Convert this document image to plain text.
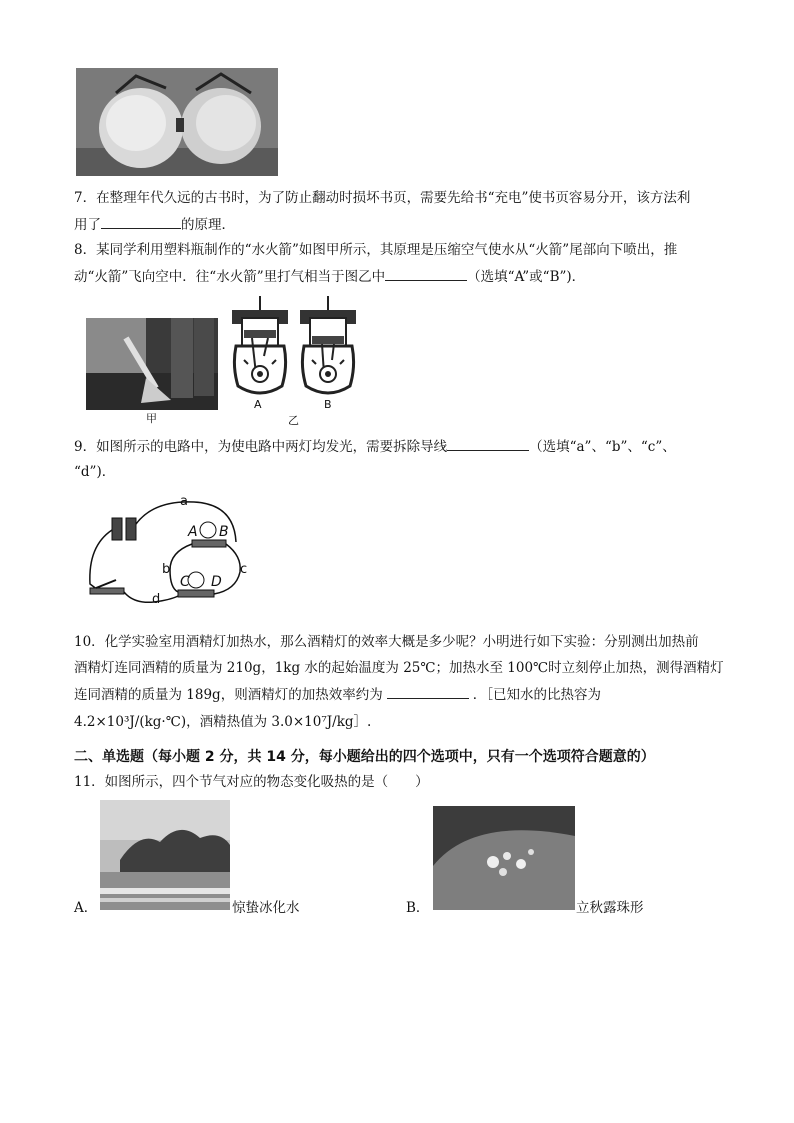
7．在整理年代久远的古书时，为了防止翻动时损坏书页，需要先给书“充电”使书页容易分开，该方法利
用了	的原理．
8．某同学利用塑料瓶制作的“水火箭”如图甲所示，其原理是压缩空气使水从“火箭”尾部向下喷出，推
动“火箭”飞向空中．往“水火箭”里打气相当于图乙中	（选填“A”或“B”)．
甲
A	B
乙
9．如图所示的电路中，为使电路中两灯均发光，需要拆除导线	（选填“a”、“b”、“c”、
“d”)．
a
b	c
d
A B
C D
10．化学实验室用酒精灯加热水，那么酒精灯的效率大概是多少呢？小明进行如下实验：分别测出加热前
酒精灯连同酒精的质量为 210g，1kg 水的起始温度为 25℃；加热水至 100℃时立刻停止加热，测得酒精灯
连同酒精的质量为 189g，则酒精灯的加热效率约为	．［已知水的比热容为
4.2×10³J/(kg·℃)，酒精热值为 3.0×10⁷J/kg］.
二、单选题（每小题 2 分，共 14 分，每小题给出的四个选项中，只有一个选项符合题意的）
11．如图所示，四个节气对应的物态变化吸热的是（　　）
A．	惊蛰冰化水	B．	立秋露珠形
